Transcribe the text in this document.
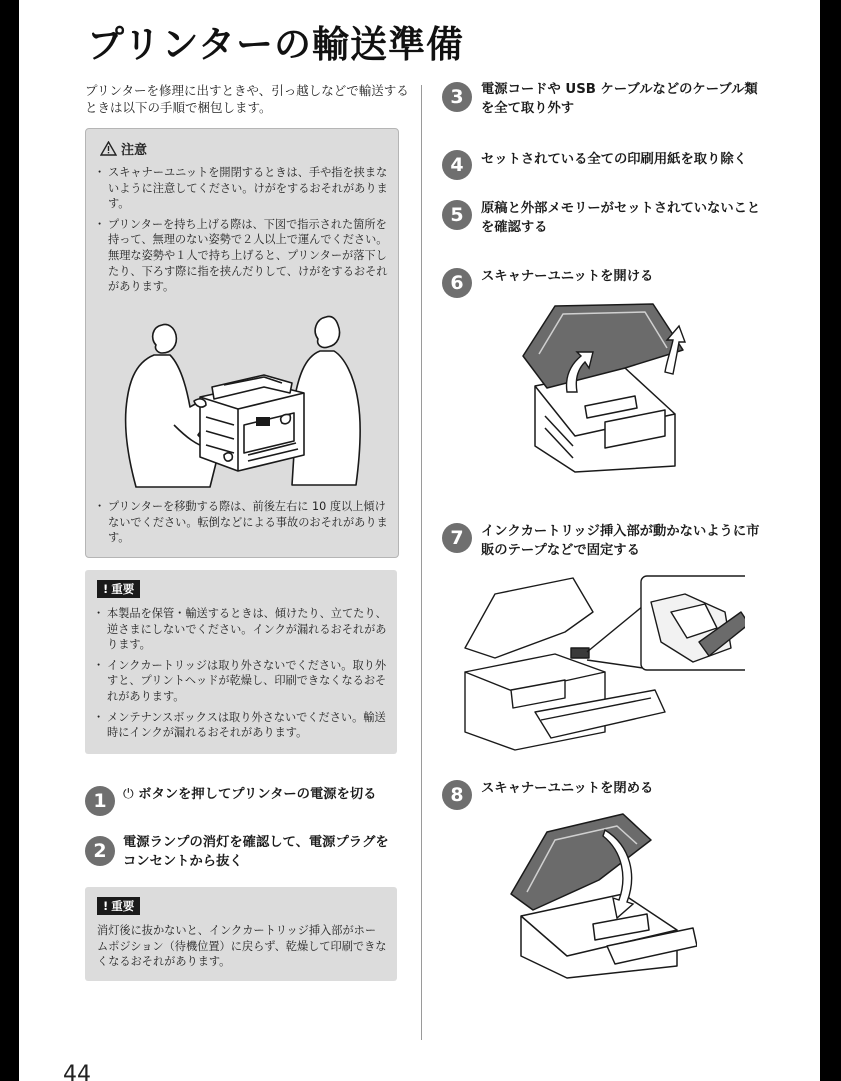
プリンターの輸送準備
プリンターを修理に出すときや、引っ越しなどで輸送するときは以下の手順で梱包します。
注意
・ スキャナーユニットを開閉するときは、手や指を挟まないように注意してください。けがをするおそれがあります。
・ プリンターを持ち上げる際は、下図で指示された箇所を持って、無理のない姿勢で２人以上で運んでください。無理な姿勢や１人で持ち上げると、プリンターが落下したり、下ろす際に指を挟んだりして、けがをするおそれがあります。
・ プリンターを移動する際は、前後左右に 10 度以上傾けないでください。転倒などによる事故のおそれがあります。
! 重要
・ 本製品を保管・輸送するときは、傾けたり、立てたり、逆さまにしないでください。インクが漏れるおそれがあります。
・ インクカートリッジは取り外さないでください。取り外すと、プリントヘッドが乾燥し、印刷できなくなるおそれがあります。
・ メンテナンスボックスは取り外さないでください。輸送時にインクが漏れるおそれがあります。
1	⏻ ボタンを押してプリンターの電源を切る
2	電源ランプの消灯を確認して、電源プラグをコンセントから抜く
! 重要
消灯後に抜かないと、インクカートリッジ挿入部がホームポジション（待機位置）に戻らず、乾燥して印刷できなくなるおそれがあります。
3	電源コードや USB ケーブルなどのケーブル類を全て取り外す
4	セットされている全ての印刷用紙を取り除く
5	原稿と外部メモリーがセットされていないことを確認する
6	スキャナーユニットを開ける
7	インクカートリッジ挿入部が動かないように市販のテープなどで固定する
8	スキャナーユニットを閉める
44
